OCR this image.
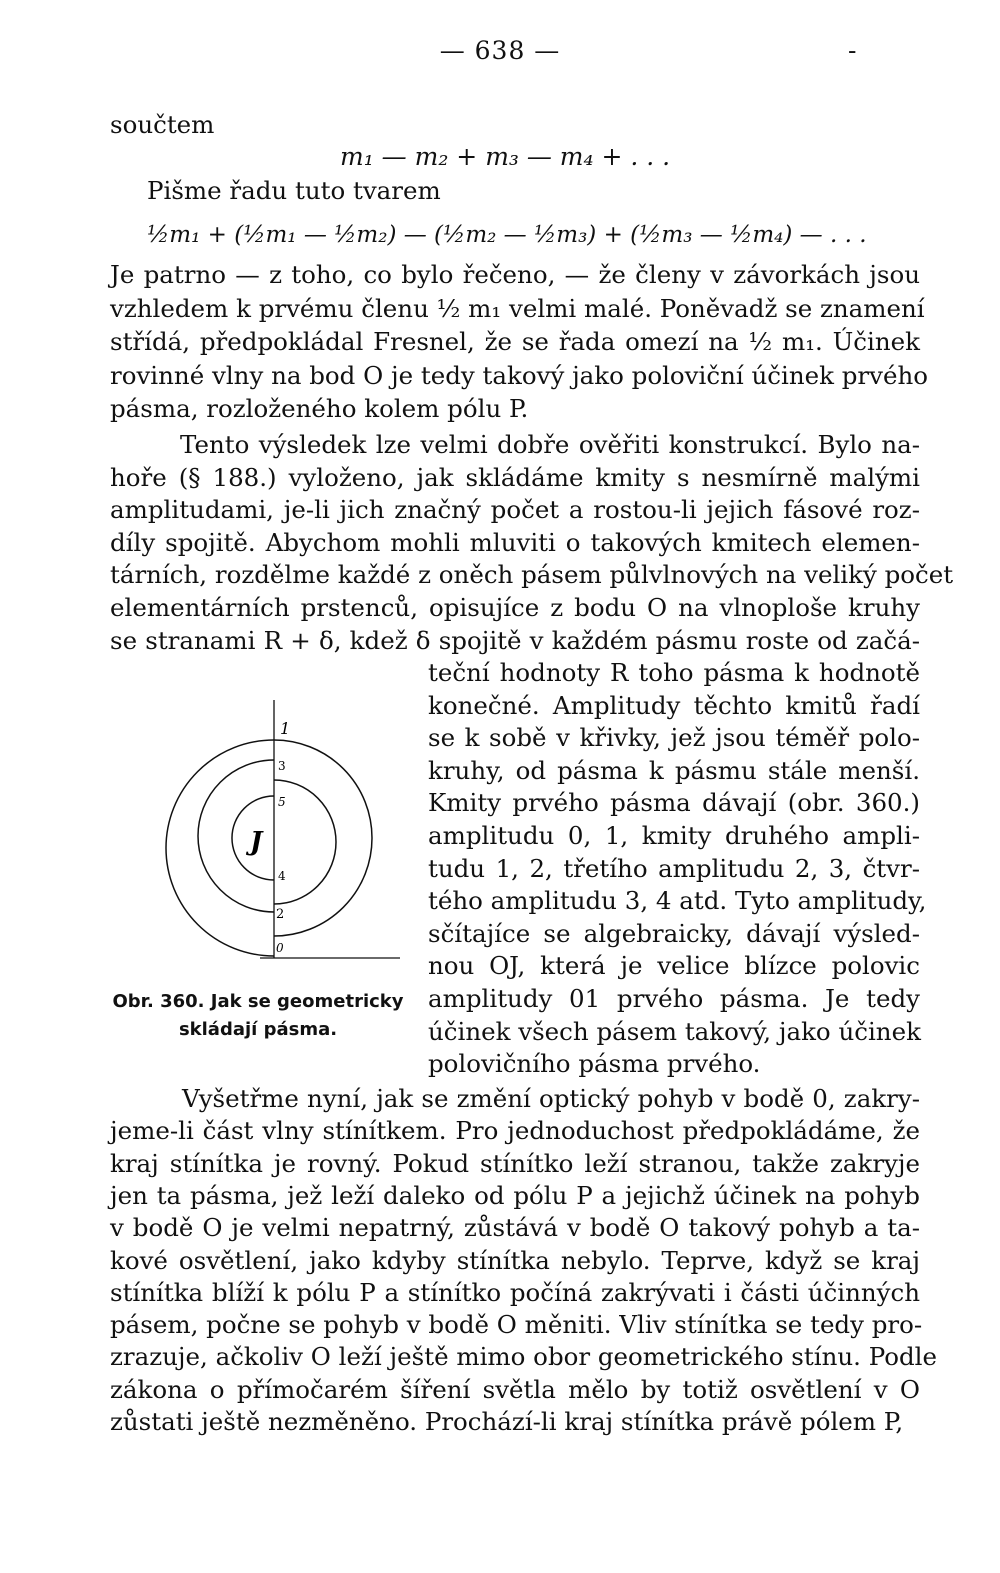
— 638 —	-
součtem
m₁ — m₂ + m₃ — m₄ + . . .
Pišme řadu tuto tvarem
½m₁ + (½m₁ — ½m₂) — (½m₂ — ½m₃) + (½m₃ — ½m₄) — . . .
Je patrno — z toho, co bylo řečeno, — že členy v závorkách jsou
vzhledem k prvému členu ½ m₁ velmi malé. Poněvadž se znamení
střídá, předpokládal Fresnel, že se řada omezí na ½ m₁. Účinek
rovinné vlny na bod O je tedy takový jako poloviční účinek prvého
pásma, rozloženého kolem pólu P.
Tento výsledek lze velmi dobře ověřiti konstrukcí. Bylo na-
hoře (§ 188.) vyloženo, jak skládáme kmity s nesmírně malými
amplitudami, je-li jich značný počet a rostou-li jejich fásové roz-
díly spojitě. Abychom mohli mluviti o takových kmitech elemen-
tárních, rozdělme každé z oněch pásem půlvlnových na veliký počet
elementárních prstenců, opisujíce z bodu O na vlnoploše kruhy
se stranami R + δ, kdež δ spojitě v každém pásmu roste od začá-
teční hodnoty R toho pásma k hodnotě
konečné. Amplitudy těchto kmitů řadí
se k sobě v křivky, jež jsou téměř polo-
kruhy, od pásma k pásmu stále menší.
Kmity prvého pásma dávají (obr. 360.)
amplitudu 0, 1, kmity druhého ampli-
tudu 1, 2, třetího amplitudu 2, 3, čtvr-
tého amplitudu 3, 4 atd. Tyto amplitudy,
sčítajíce se algebraicky, dávají výsled-
nou OJ, která je velice blízce polovic
amplitudy 01 prvého pásma. Je tedy
účinek všech pásem takový, jako účinek
polovičního pásma prvého.
Vyšetřme nyní, jak se změní optický pohyb v bodě 0, zakry-
jeme-li část vlny stínítkem. Pro jednoduchost předpokládáme, že
kraj stínítka je rovný. Pokud stínítko leží stranou, takže zakryje
jen ta pásma, jež leží daleko od pólu P a jejichž účinek na pohyb
v bodě O je velmi nepatrný, zůstává v bodě O takový pohyb a ta-
kové osvětlení, jako kdyby stínítka nebylo. Teprve, když se kraj
stínítka blíží k pólu P a stínítko počíná zakrývati i části účinných
pásem, počne se pohyb v bodě O měniti. Vliv stínítka se tedy pro-
zrazuje, ačkoliv O leží ještě mimo obor geometrického stínu. Podle
zákona o přímočarém šíření světla mělo by totiž osvětlení v O
zůstati ještě nezměněno. Prochází-li kraj stínítka právě pólem P,
1
3
5
J
4
2
0
Obr. 360. Jak se geometricky
skládají pásma.
